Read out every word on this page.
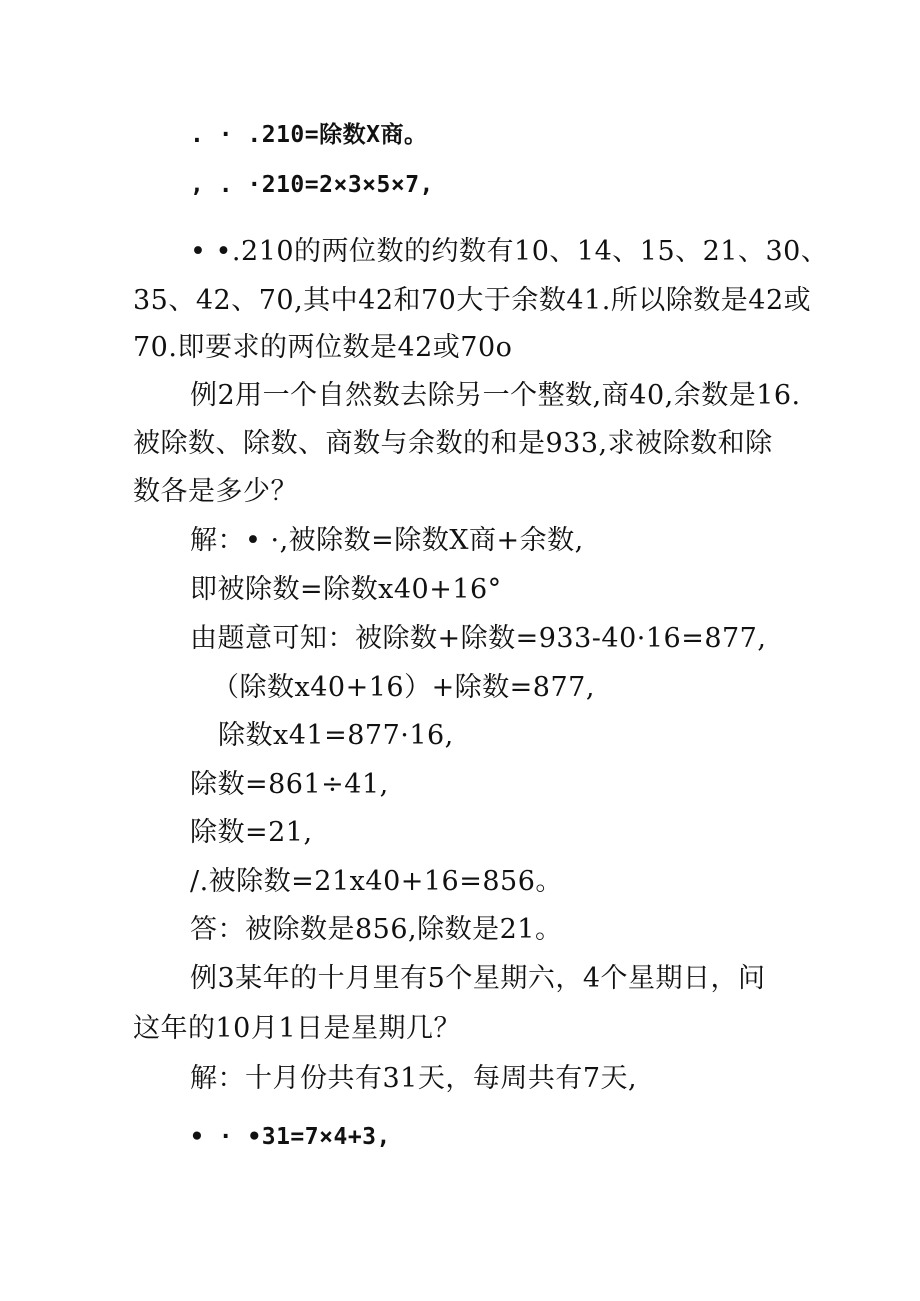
. · .210=除数X商。
, . ·210=2×3×5×7,
• •.210的两位数的约数有10、14、15、21、30、
35、42、70,其中42和70大于余数41.所以除数是42或
70.即要求的两位数是42或70o
例2用一个自然数去除另一个整数,商40,余数是16.
被除数、除数、商数与余数的和是933,求被除数和除
数各是多少？
解：• ·,被除数=除数X商+余数,
即被除数=除数x40+16°
由题意可知：被除数+除数=933-40·16=877,
（除数x40+16）+除数=877,
除数x41=877·16,
除数=861÷41,
除数=21,
/.被除数=21x40+16=856。
答：被除数是856,除数是21。
例3某年的十月里有5个星期六，4个星期日，问
这年的10月1日是星期几？
解：十月份共有31天，每周共有7天,
• · •31=7×4+3,
